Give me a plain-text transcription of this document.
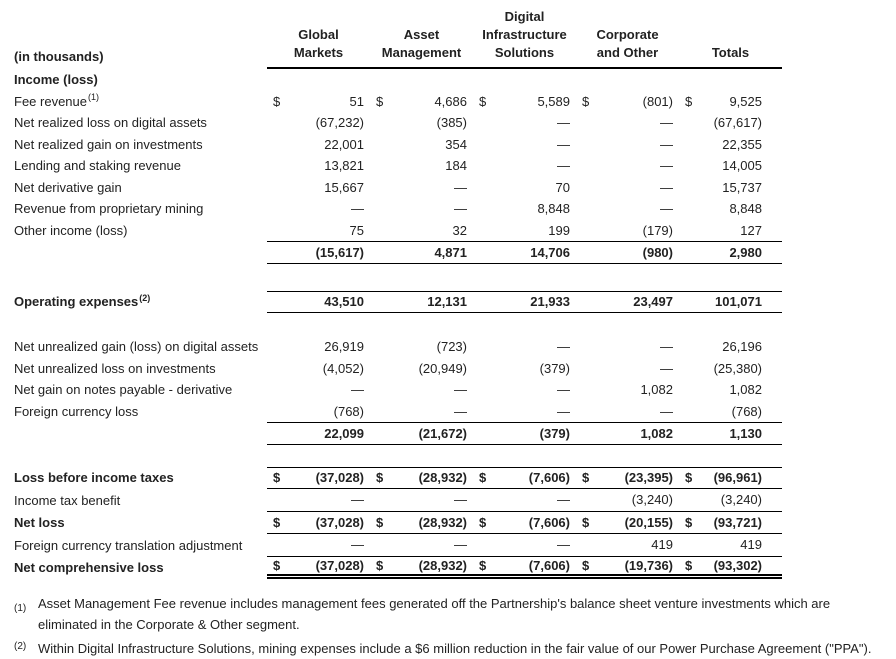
(in thousands)
Global
Markets
Asset
Management
Digital
Infrastructure
Solutions
Corporate
and Other	Totals
Income (loss)
Fee revenue (1)	$	51 $	4,686 $	5,589 $	(801) $	9,525
Net realized loss on digital assets	(67,232)	(385)	—	—	(67,617)
Net realized gain on investments	22,001	354	—	—	22,355
Lending and staking revenue	13,821	184	—	—	14,005
Net derivative gain	15,667	—	70	—	15,737
Revenue from proprietary mining	—	—	8,848	—	8,848
Other income (loss)	75	32	199	(179)	127
(15,617)	4,871	14,706	(980)	2,980
Operating expenses (2)	43,510	12,131	21,933	23,497	101,071
Net unrealized gain (loss) on digital assets	26,919	(723)	—	—	26,196
Net unrealized loss on investments	(4,052)	(20,949)	(379)	—	(25,380)
Net gain on notes payable - derivative	—	—	—	1,082	1,082
Foreign currency loss	(768)	—	—	—	(768)
22,099	(21,672)	(379)	1,082	1,130
Loss before income taxes	$	(37,028) $	(28,932) $	(7,606) $	(23,395) $	(96,961)
Income tax benefit	—	—	—	(3,240)	(3,240)
Net loss	$	(37,028) $	(28,932) $	(7,606) $	(20,155) $	(93,721)
Foreign currency translation adjustment	—	—	—	419	419
Net comprehensive loss	$	(37,028) $	(28,932) $	(7,606) $	(19,736) $	(93,302)
(1) Asset Management Fee revenue includes management fees generated off the Partnership's balance sheet venture investments which are
eliminated in the Corporate & Other segment.
(2) Within Digital Infrastructure Solutions, mining expenses include a $6 million reduction in the fair value of our Power Purchase Agreement ("PPA").
